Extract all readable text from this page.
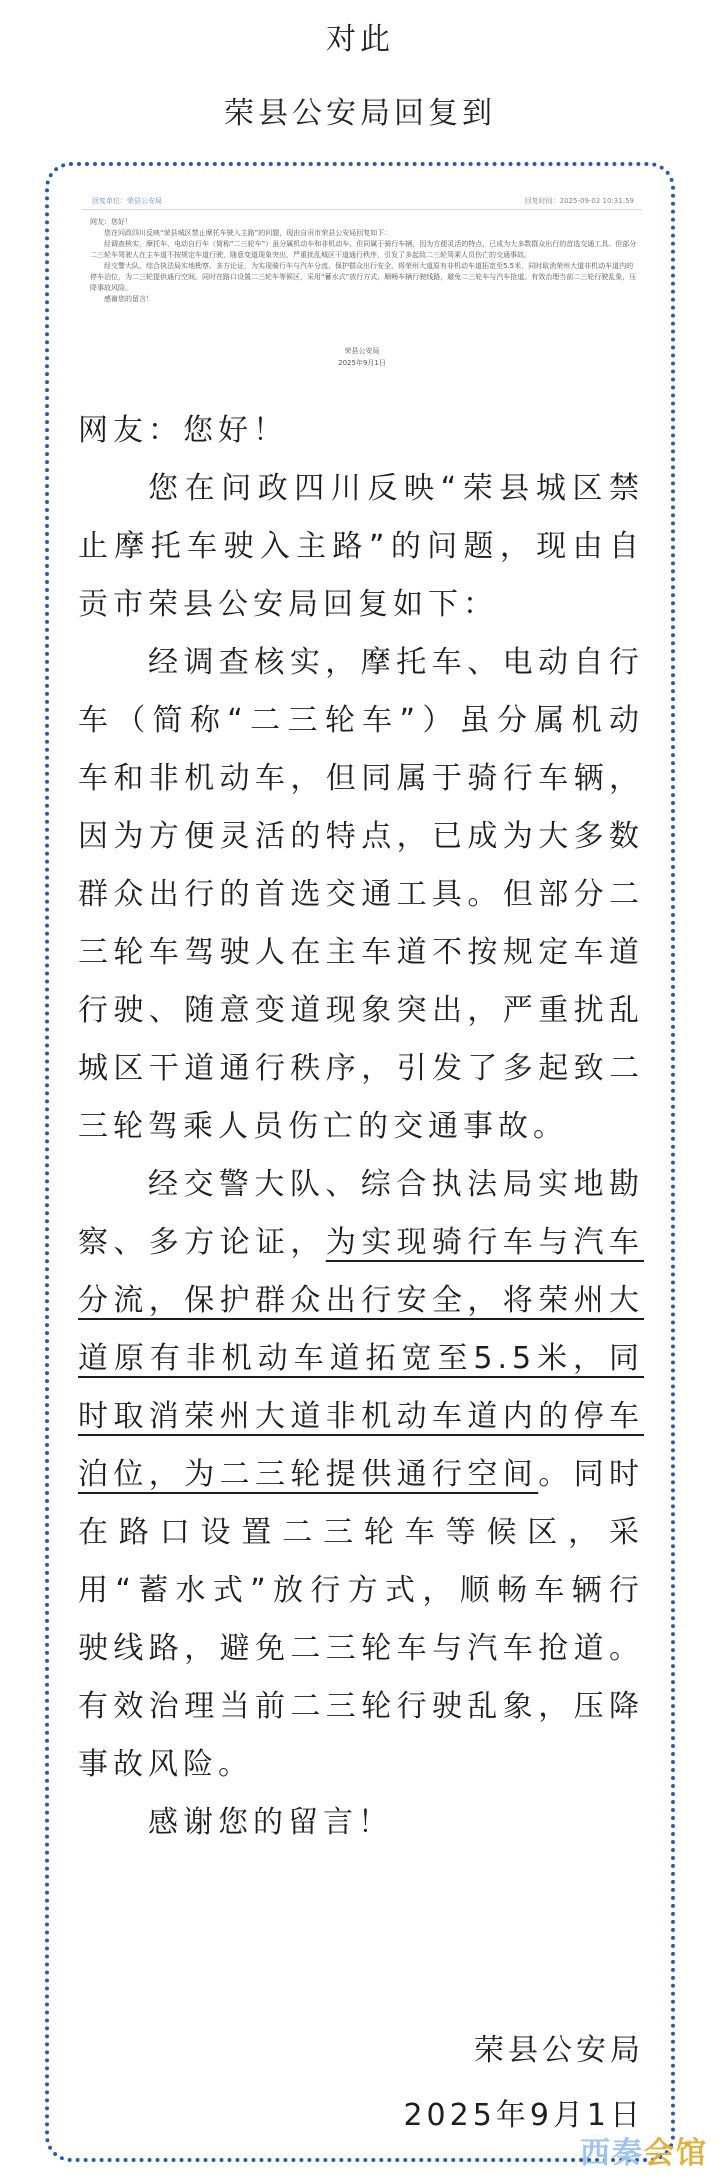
对此
荣县公安局回复到
回复单位：荣县公安局	回复时间：2025-09-02 10:31:59

网友：您好！

您在问政四川反映“荣县城区禁止摩托车驶入主路”的问题，现由自贡市荣县公安局回复如下：

经调查核实，摩托车、电动自行车（简称“二三轮车”）虽分属机动车和非机动车，但同属于骑行车辆，因为方便灵活的特点，已成为大多数群众出行的首选交通工具。但部分二三轮车驾驶人在主车道不按规定车道行驶，随意变道现象突出，严重扰乱城区干道通行秩序，引发了多起致二三轮驾乘人员伤亡的交通事故。

经交警大队、综合执法局实地勘察、多方论证，为实现骑行车与汽车分流，保护群众出行安全，将荣州大道原有非机动车道拓宽至5.5米，同时取消荣州大道非机动车道内的停车泊位，为二三轮提供通行空间。同时在路口设置二三轮车等候区，采用“蓄水式”放行方式，顺畅车辆行驶线路，避免二三轮车与汽车抢道。有效治理当前二三轮行驶乱象，压降事故风险。

感谢您的留言！

荣县公安局
2025年9月1日

网友：您好！

您在问政四川反映“荣县城区禁止摩托车驶入主路”的问题，现由自贡市荣县公安局回复如下：

经调查核实，摩托车、电动自行车（简称“二三轮车”）虽分属机动车和非机动车，但同属于骑行车辆，因为方便灵活的特点，已成为大多数群众出行的首选交通工具。但部分二三轮车驾驶人在主车道不按规定车道行驶、随意变道现象突出，严重扰乱城区干道通行秩序，引发了多起致二三轮驾乘人员伤亡的交通事故。

经交警大队、综合执法局实地勘察、多方论证，为实现骑行车与汽车分流，保护群众出行安全，将荣州大道原有非机动车道拓宽至5.5米，同时取消荣州大道非机动车道内的停车泊位，为二三轮提供通行空间。同时在路口设置二三轮车等候区，采用“蓄水式”放行方式，顺畅车辆行驶线路，避免二三轮车与汽车抢道。有效治理当前二三轮行驶乱象，压降事故风险。

感谢您的留言！

荣县公安局
2025年9月1日
西秦会馆
